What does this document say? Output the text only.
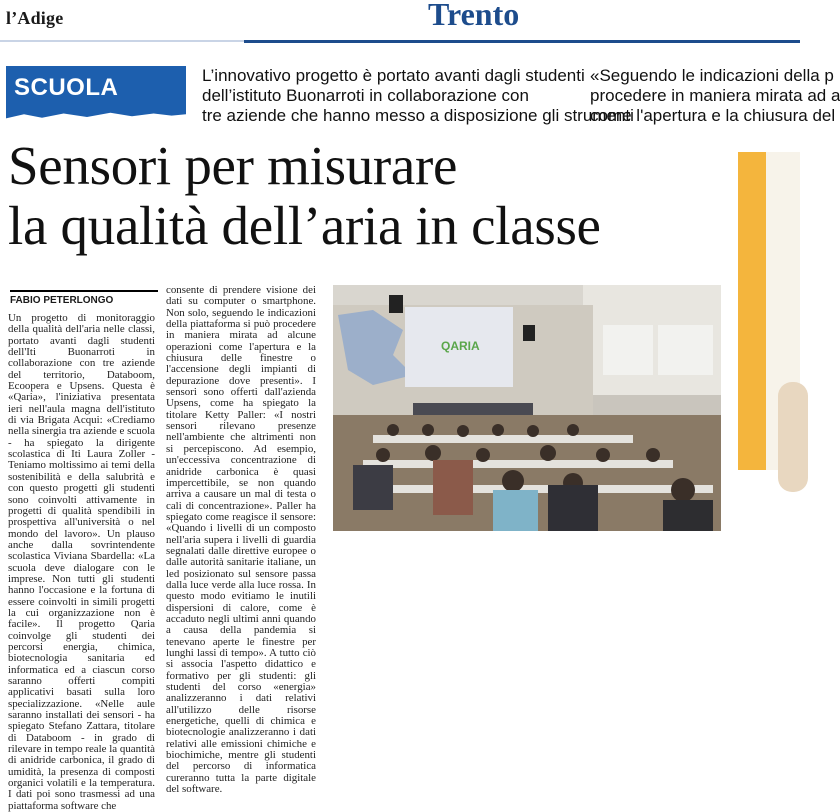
l’Adige	Trento
SCUOLA	L’innovativo progetto è portato avanti dagli studenti
dell’istituto Buonarroti in collaborazione con
tre aziende che hanno messo a disposizione gli strumenti
«Seguendo le indicazioni della p
procedere in maniera mirata ad a
come l'apertura e la chiusura del
Sensori per misurare
la qualità dell’aria in classe
FABIO PETERLONGO

Un progetto di monitoraggio della qualità dell'aria nelle classi, portato avanti dagli studenti dell'Iti Buonarroti in collaborazione con tre aziende del territorio, Databoom, Ecoopera e Upsens. Questa è «Qaria», l'iniziativa presentata ieri nell'aula magna dell'istituto di via Brigata Acqui: «Crediamo nella sinergia tra aziende e scuola - ha spiegato la dirigente scolastica di Iti Laura Zoller - Teniamo moltissimo ai temi della sostenibilità e della salubrità e con questo progetti gli studenti sono coinvolti attivamente in progetti di qualità spendibili in prospettiva all'università o nel mondo del lavoro». Un plauso anche dalla sovrintendente scolastica Viviana Sbardella: «La scuola deve dialogare con le imprese. Non tutti gli studenti hanno l'occasione e la fortuna di essere coinvolti in simili progetti la cui organizzazione non è facile». Il progetto Qaria coinvolge gli studenti dei percorsi energia, chimica, biotecnologia sanitaria ed informatica ed a ciascun corso saranno offerti compiti applicativi basati sulla loro specializzazione. «Nelle aule saranno installati dei sensori - ha spiegato Stefano Zattara, titolare di Databoom - in grado di rilevare in tempo reale la quantità di anidride carbonica, il grado di umidità, la presenza di composti organici volatili e la temperatura. I dati poi sono trasmessi ad una piattaforma software che

consente di prendere visione dei dati su computer o smartphone. Non solo, seguendo le indicazioni della piattaforma si può procedere in maniera mirata ad alcune operazioni come l'apertura e la chiusura delle finestre o l'accensione degli impianti di depurazione dove presenti». I sensori sono offerti dall'azienda Upsens, come ha spiegato la titolare Ketty Paller: «I nostri sensori rilevano presenze nell'ambiente che altrimenti non si percepiscono. Ad esempio, un'eccessiva concentrazione di anidride carbonica è quasi impercettibile, se non quando arriva a causare un mal di testa o cali di concentrazione». Paller ha spiegato come reagisce il sensore: «Quando i livelli di un composto nell'aria supera i livelli di guardia segnalati dalle direttive europee o dalle autorità sanitarie italiane, un led posizionato sul sensore passa dalla luce verde alla luce rossa. In questo modo evitiamo le inutili dispersioni di calore, come è accaduto negli ultimi anni quando a causa della pandemia si tenevano aperte le finestre per lunghi lassi di tempo». A tutto ciò si associa l'aspetto didattico e formativo per gli studenti: gli studenti del corso «energia» analizzeranno i dati relativi all'utilizzo delle risorse energetiche, quelli di chimica e biotecnologie analizzeranno i dati relativi alle emissioni chimiche e biochimiche, mentre gli studenti del percorso di informatica cureranno tutta la parte digitale del software.

QARIA
